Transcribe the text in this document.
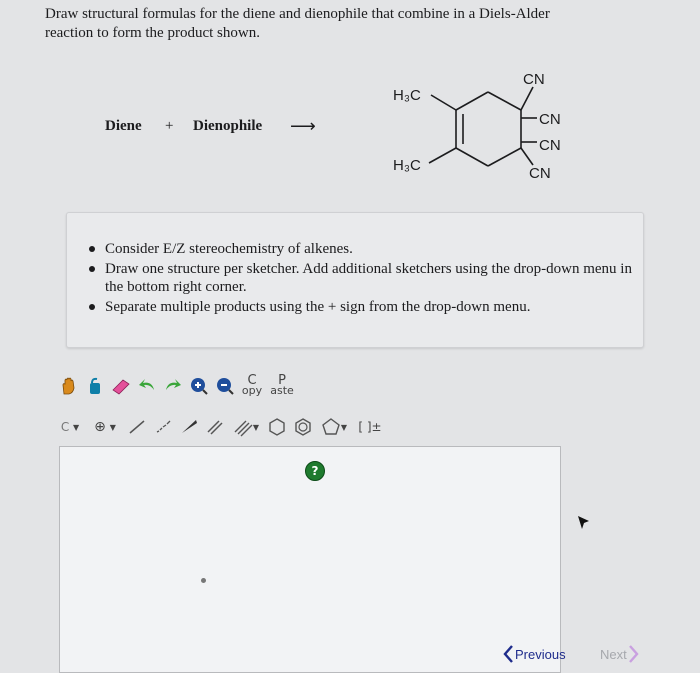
Draw structural formulas for the diene and dienophile that combine in a Diels-Alder
reaction to form the product shown.
Diene + Dienophile ⟶
H₃C
H₃C
CN
CN
CN
CN
Consider E/Z stereochemistry of alkenes.
Draw one structure per sketcher. Add additional sketchers using the drop-down menu in the bottom right corner.
Separate multiple products using the + sign from the drop-down menu.
C
opy
P
aste
C
▼ ⊕
▼	▼	▼ [ ]±
?
Previous	Next
